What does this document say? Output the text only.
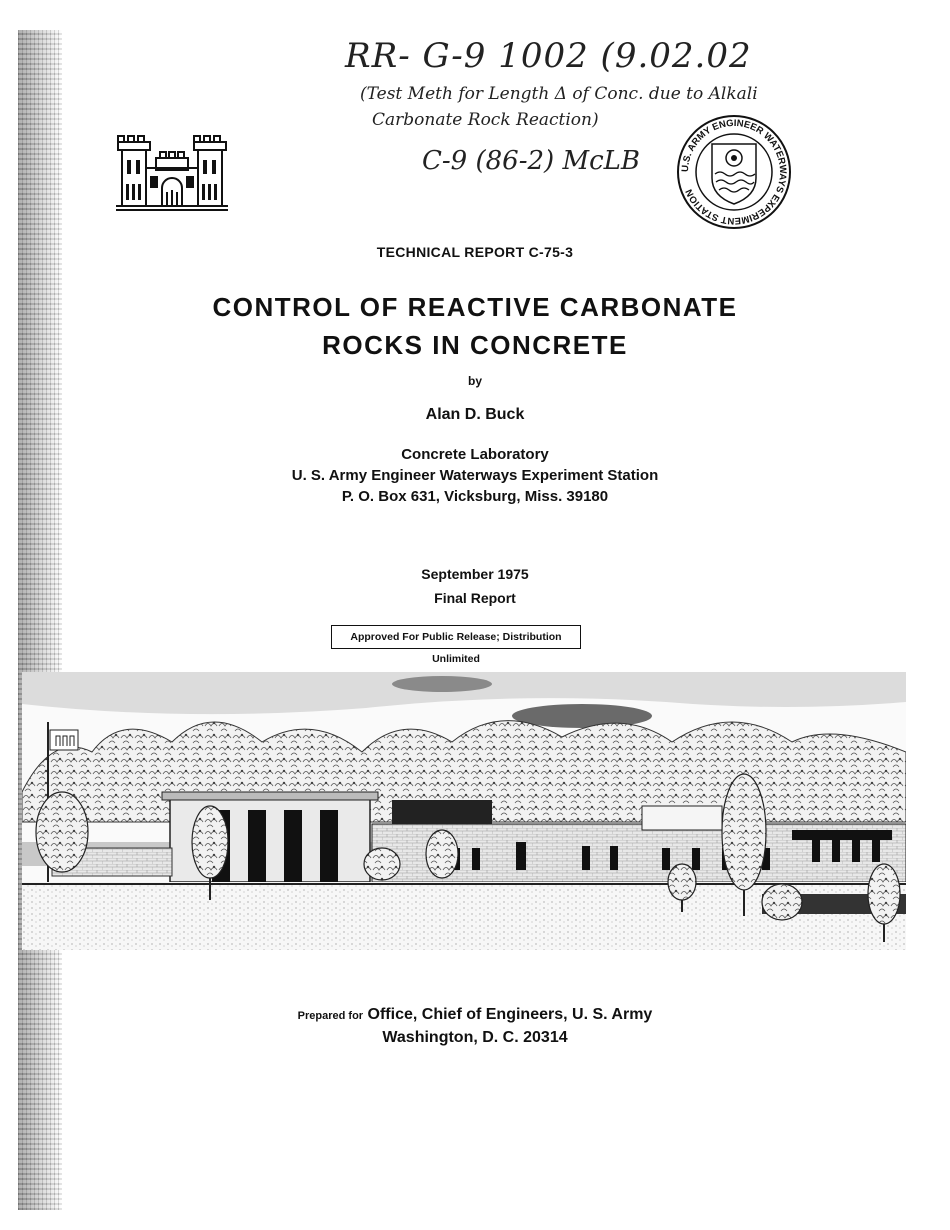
RR- G-9 1002 (9.02.02
(Test Meth for Length Δ of Conc. due to Alkali
Carbonate Rock Reaction)
C-9 (86-2) McLB	U.S. ARMY ENGINEER WATERWAYS EXPERIMENT STATION
TECHNICAL REPORT C-75-3
CONTROL OF REACTIVE CARBONATE
ROCKS IN CONCRETE
by
Alan D. Buck
Concrete Laboratory
U. S. Army Engineer Waterways Experiment Station
P. O. Box 631, Vicksburg, Miss. 39180
September 1975
Final Report
Approved For Public Release; Distribution Unlimited
Prepared for Office, Chief of Engineers, U. S. Army
Washington, D. C. 20314
